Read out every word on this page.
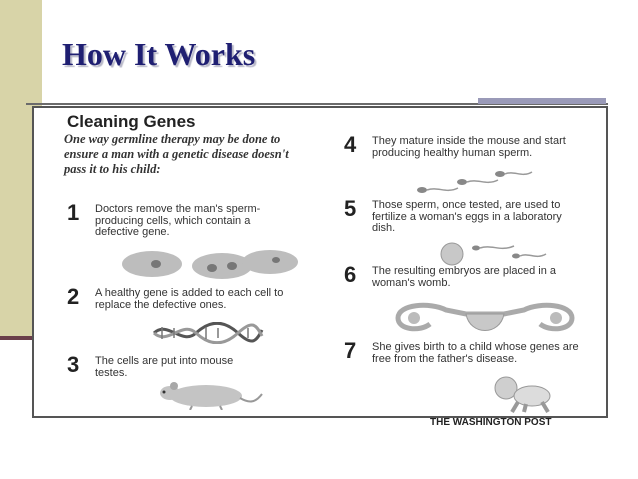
How It Works
Cleaning Genes
One way germline therapy may be done to ensure a man with a genetic disease doesn't pass it to his child:
1 Doctors remove the man's sperm-producing cells, which contain a defective gene.
2 A healthy gene is added to each cell to replace the defective ones.
3 The cells are put into mouse testes.
4 They mature inside the mouse and start producing healthy human sperm.
5 Those sperm, once tested, are used to fertilize a woman's eggs in a laboratory dish.
6 The resulting embryos are placed in a woman's womb.
7 She gives birth to a child whose genes are free from the father's disease.
THE WASHINGTON POST
